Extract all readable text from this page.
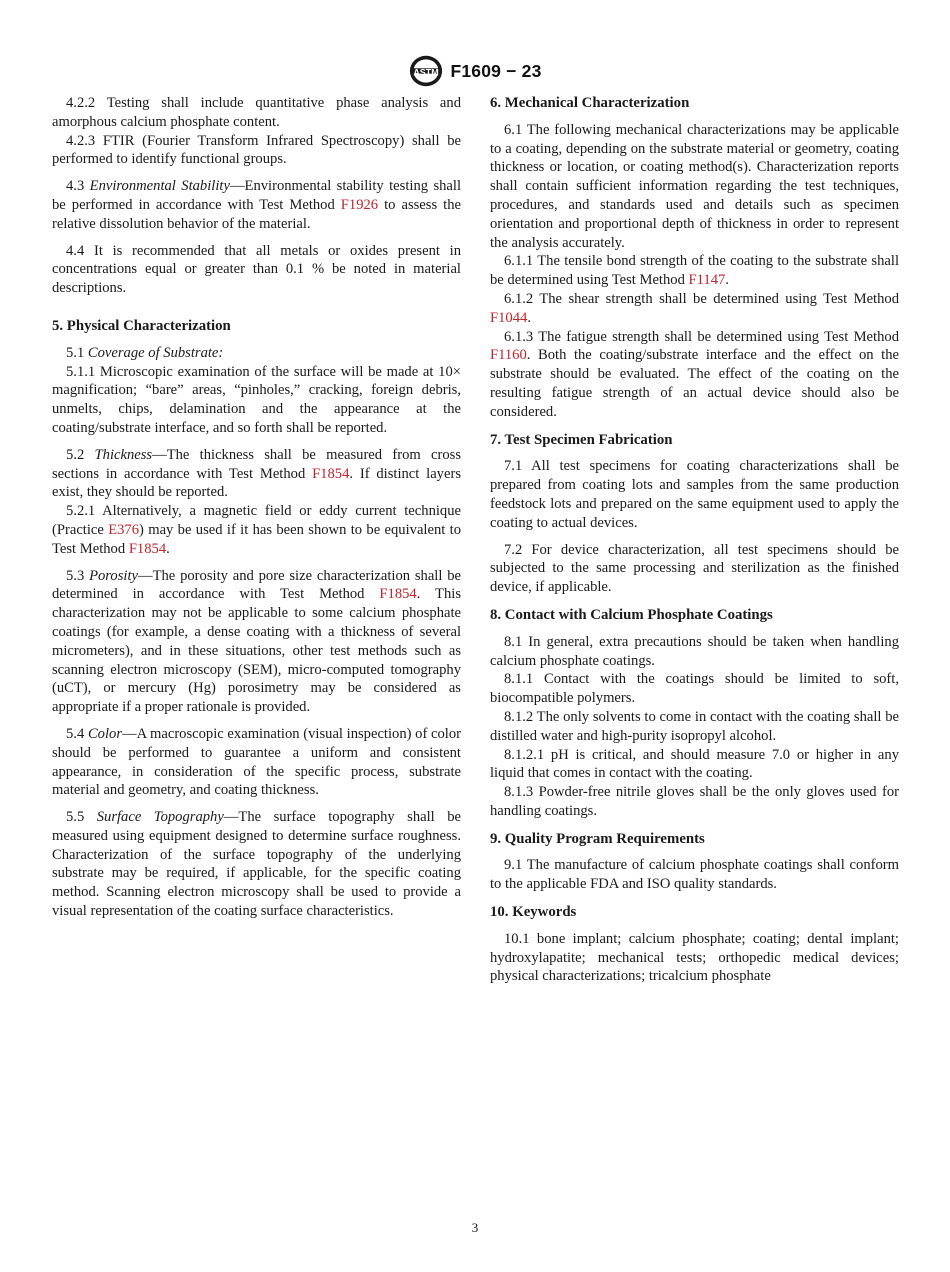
ASTM F1609 − 23

4.2.2 Testing shall include quantitative phase analysis and amorphous calcium phosphate content.

4.2.3 FTIR (Fourier Transform Infrared Spectroscopy) shall be performed to identify functional groups.

4.3 Environmental Stability—Environmental stability testing shall be performed in accordance with Test Method F1926 to assess the relative dissolution behavior of the material.

4.4 It is recommended that all metals or oxides present in concentrations equal or greater than 0.1 % be noted in material descriptions.

5. Physical Characterization

5.1 Coverage of Substrate:

5.1.1 Microscopic examination of the surface will be made at 10× magnification; “bare” areas, “pinholes,” cracking, foreign debris, unmelts, chips, delamination and the appearance at the coating/substrate interface, and so forth shall be reported.

5.2 Thickness—The thickness shall be measured from cross sections in accordance with Test Method F1854. If distinct layers exist, they should be reported.

5.2.1 Alternatively, a magnetic field or eddy current technique (Practice E376) may be used if it has been shown to be equivalent to Test Method F1854.

5.3 Porosity—The porosity and pore size characterization shall be determined in accordance with Test Method F1854. This characterization may not be applicable to some calcium phosphate coatings (for example, a dense coating with a thickness of several micrometers), and in these situations, other test methods such as scanning electron microscopy (SEM), micro-computed tomography (uCT), or mercury (Hg) porosimetry may be considered as appropriate if a proper rationale is provided.

5.4 Color—A macroscopic examination (visual inspection) of color should be performed to guarantee a uniform and consistent appearance, in consideration of the specific process, substrate material and geometry, and coating thickness.

5.5 Surface Topography—The surface topography shall be measured using equipment designed to determine surface roughness. Characterization of the surface topography of the underlying substrate may be required, if applicable, for the specific coating method. Scanning electron microscopy shall be used to provide a visual representation of the coating surface characteristics.

6. Mechanical Characterization

6.1 The following mechanical characterizations may be applicable to a coating, depending on the substrate material or geometry, coating thickness or location, or coating method(s). Characterization reports shall contain sufficient information regarding the test techniques, procedures, and standards used and details such as specimen orientation and proportional depth of thickness in order to represent the analysis accurately.

6.1.1 The tensile bond strength of the coating to the substrate shall be determined using Test Method F1147.

6.1.2 The shear strength shall be determined using Test Method F1044.

6.1.3 The fatigue strength shall be determined using Test Method F1160. Both the coating/substrate interface and the effect on the substrate should be evaluated. The effect of the coating on the resulting fatigue strength of an actual device should also be considered.

7. Test Specimen Fabrication

7.1 All test specimens for coating characterizations shall be prepared from coating lots and samples from the same production feedstock lots and prepared on the same equipment used to apply the coating to actual devices.

7.2 For device characterization, all test specimens should be subjected to the same processing and sterilization as the finished device, if applicable.

8. Contact with Calcium Phosphate Coatings

8.1 In general, extra precautions should be taken when handling calcium phosphate coatings.

8.1.1 Contact with the coatings should be limited to soft, biocompatible polymers.

8.1.2 The only solvents to come in contact with the coating shall be distilled water and high-purity isopropyl alcohol.

8.1.2.1 pH is critical, and should measure 7.0 or higher in any liquid that comes in contact with the coating.

8.1.3 Powder-free nitrile gloves shall be the only gloves used for handling coatings.

9. Quality Program Requirements

9.1 The manufacture of calcium phosphate coatings shall conform to the applicable FDA and ISO quality standards.

10. Keywords

10.1 bone implant; calcium phosphate; coating; dental implant; hydroxylapatite; mechanical tests; orthopedic medical devices; physical characterizations; tricalcium phosphate

3
